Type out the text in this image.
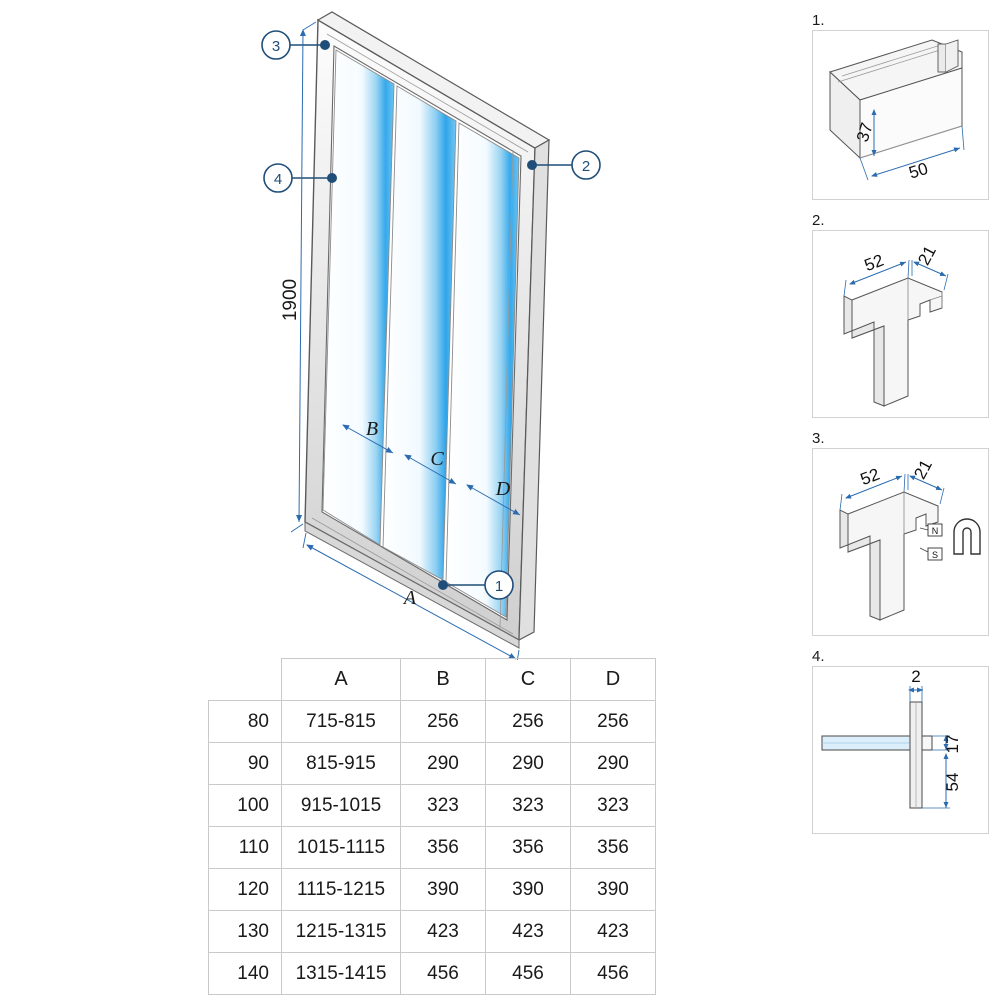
3
2
4
1
1900
A
B
C
D
1.
37
50
2.
52 21
3.
52 21
N
S
4.
2
17
54
	A	B	C	D
80	715-815	256	256	256
90	815-915	290	290	290
100	915-1015	323	323	323
110	1015-1115	356	356	356
120	1115-1215	390	390	390
130	1215-1315	423	423	423
140	1315-1415	456	456	456
